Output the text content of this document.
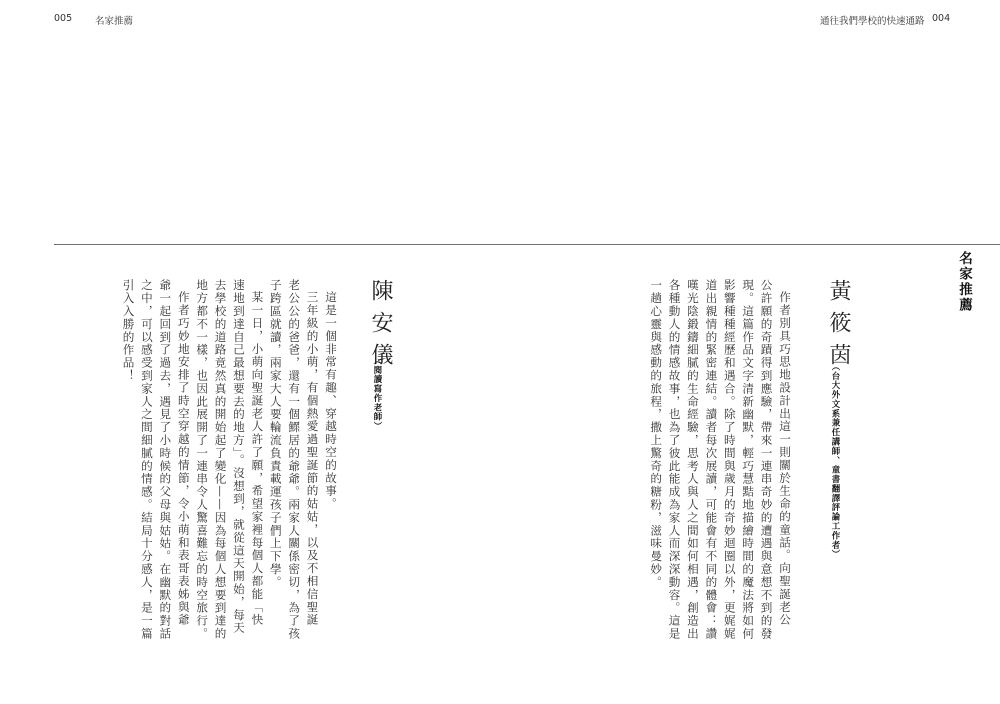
005 名家推薦	通往我們學校的快速通路 004
名家推薦
黃筱茵
（台大外文系兼任講師、童書翻譯評論工作者）

作者別具巧思地設計出這一則關於生命的童話。向聖誕老公

公許願的奇蹟得到應驗，帶來一連串奇妙的遭遇與意想不到的發

現。這篇作品文字清新幽默，輕巧慧黠地描繪時間的魔法將如何

影響種種經歷和遇合。除了時間與歲月的奇妙迴圈以外，更娓娓

道出親情的緊密連結。讀者每次展讀，可能會有不同的體會：讚

嘆光陰鍛鑄細膩的生命經驗，思考人與人之間如何相遇，創造出

各種動人的情感故事，也為了彼此能成為家人而深深動容。這是

一趟心靈與感動的旅程，撒上驚奇的糖粉，滋味曼妙。

陳安儀
（閱讀寫作老師）

這是一個非常有趣、穿越時空的故事。

三年級的小萌，有個熱愛過聖誕節的姑姑，以及不相信聖誕

老公公的爸爸，還有一個鰥居的爺爺。兩家人關係密切，為了孩

子跨區就讀，兩家大人要輪流負責載運孩子們上下學。

某一日，小萌向聖誕老人許了願，希望家裡每個人都能「快

速地到達自己最想要去的地方」。沒想到，就從這天開始，每天

去學校的道路竟然真的開始起了變化——因為每個人想要到達的

地方都不一樣，也因此展開了一連串令人驚喜難忘的時空旅行。

作者巧妙地安排了時空穿越的情節，令小萌和表哥表姊與爺

爺一起回到了過去，遇見了小時候的父母與姑姑。在幽默的對話

之中，可以感受到家人之間細膩的情感。結局十分感人，是一篇

引入入勝的作品！
